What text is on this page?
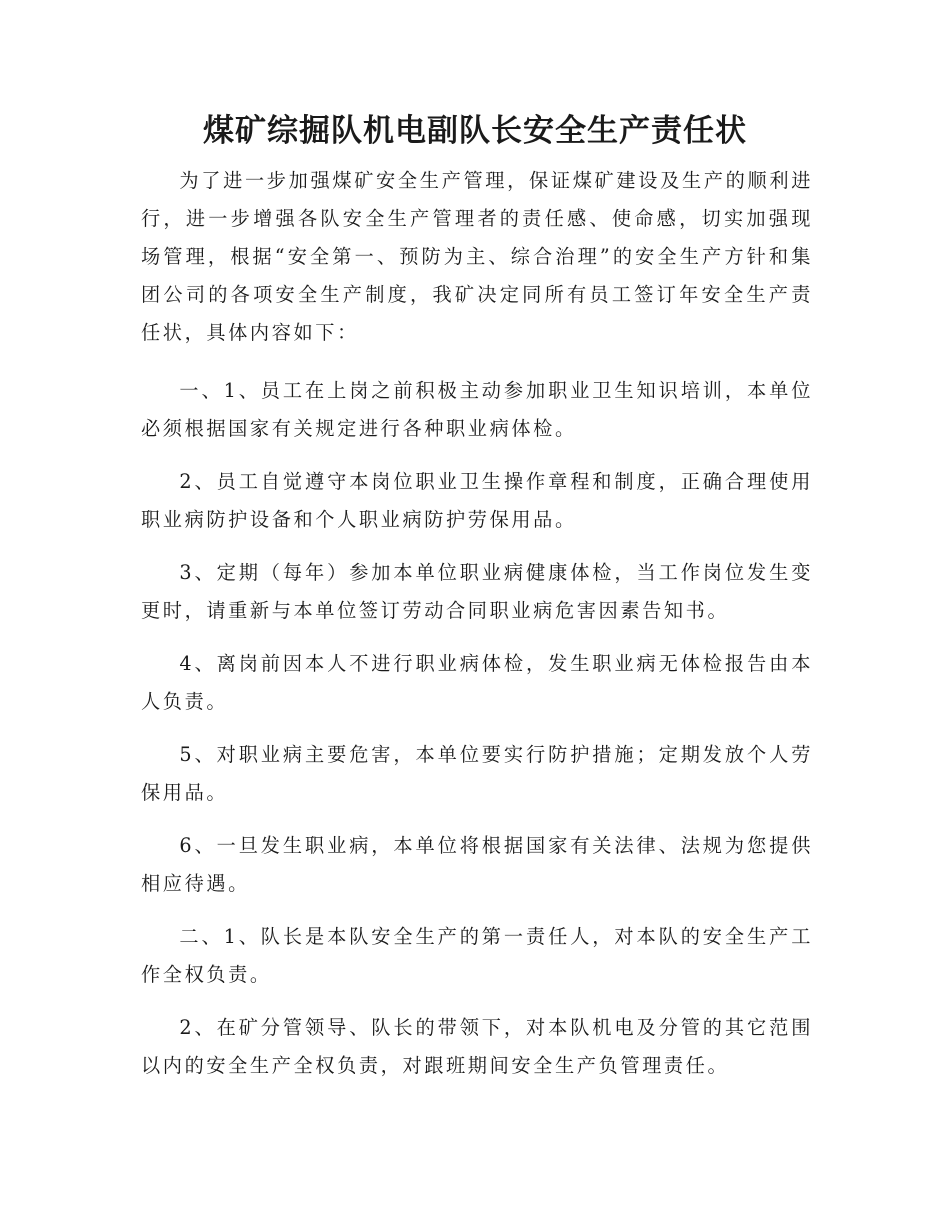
煤矿综掘队机电副队长安全生产责任状

为了进一步加强煤矿安全生产管理，保证煤矿建设及生产的顺利进行，进一步增强各队安全生产管理者的责任感、使命感，切实加强现场管理，根据“安全第一、预防为主、综合治理”的安全生产方针和集团公司的各项安全生产制度，我矿决定同所有员工签订年安全生产责任状，具体内容如下：

一、1、员工在上岗之前积极主动参加职业卫生知识培训，本单位必须根据国家有关规定进行各种职业病体检。

2、员工自觉遵守本岗位职业卫生操作章程和制度，正确合理使用职业病防护设备和个人职业病防护劳保用品。

3、定期（每年）参加本单位职业病健康体检，当工作岗位发生变更时，请重新与本单位签订劳动合同职业病危害因素告知书。

4、离岗前因本人不进行职业病体检，发生职业病无体检报告由本人负责。

5、对职业病主要危害，本单位要实行防护措施；定期发放个人劳保用品。

6、一旦发生职业病，本单位将根据国家有关法律、法规为您提供相应待遇。

二、1、队长是本队安全生产的第一责任人，对本队的安全生产工作全权负责。

2、在矿分管领导、队长的带领下，对本队机电及分管的其它范围以内的安全生产全权负责，对跟班期间安全生产负管理责任。
